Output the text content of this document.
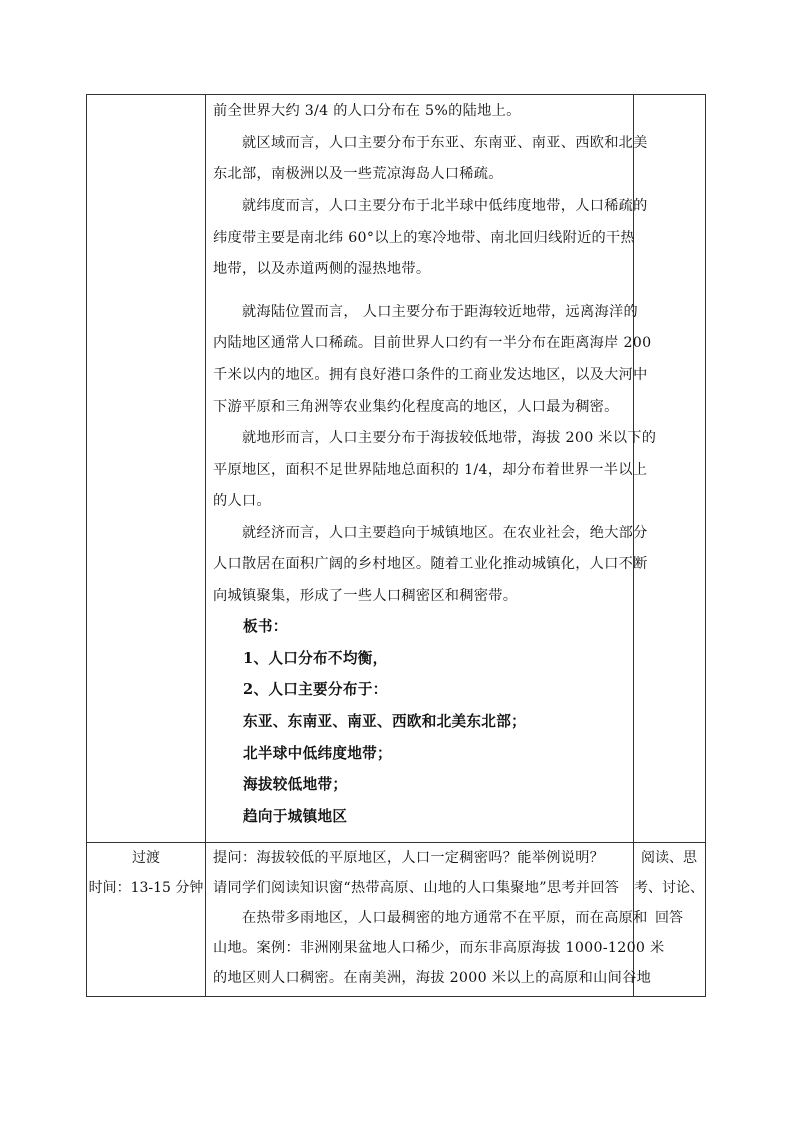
前全世界大约 3/4 的人口分布在 5%的陆地上。
就区域而言，人口主要分布于东亚、东南亚、南亚、西欧和北美
东北部，南极洲以及一些荒凉海岛人口稀疏。
就纬度而言，人口主要分布于北半球中低纬度地带，人口稀疏的
纬度带主要是南北纬 60°以上的寒冷地带、南北回归线附近的干热
地带，以及赤道两侧的湿热地带。
就海陆位置而言， 人口主要分布于距海较近地带，远离海洋的
内陆地区通常人口稀疏。目前世界人口约有一半分布在距离海岸 200
千米以内的地区。拥有良好港口条件的工商业发达地区，以及大河中
下游平原和三角洲等农业集约化程度高的地区，人口最为稠密。
就地形而言，人口主要分布于海拔较低地带，海拔 200 米以下的
平原地区，面积不足世界陆地总面积的 1/4，却分布着世界一半以上
的人口。
就经济而言，人口主要趋向于城镇地区。在农业社会，绝大部分
人口散居在面积广阔的乡村地区。随着工业化推动城镇化，人口不断
向城镇聚集，形成了一些人口稠密区和稠密带。
板书：
1、人口分布不均衡，
2、人口主要分布于：
东亚、东南亚、南亚、西欧和北美东北部；
北半球中低纬度地带；
海拔较低地带；
趋向于城镇地区
过渡
时间：13-15 分钟
提问：海拔较低的平原地区，人口一定稠密吗？能举例说明？
请同学们阅读知识窗“热带高原、山地的人口集聚地”思考并回答
在热带多雨地区，人口最稠密的地方通常不在平原，而在高原和
山地。案例：非洲刚果盆地人口稀少，而东非高原海拔 1000-1200 米
的地区则人口稠密。在南美洲，海拔 2000 米以上的高原和山间谷地
阅读、思
考、讨论、
回答
